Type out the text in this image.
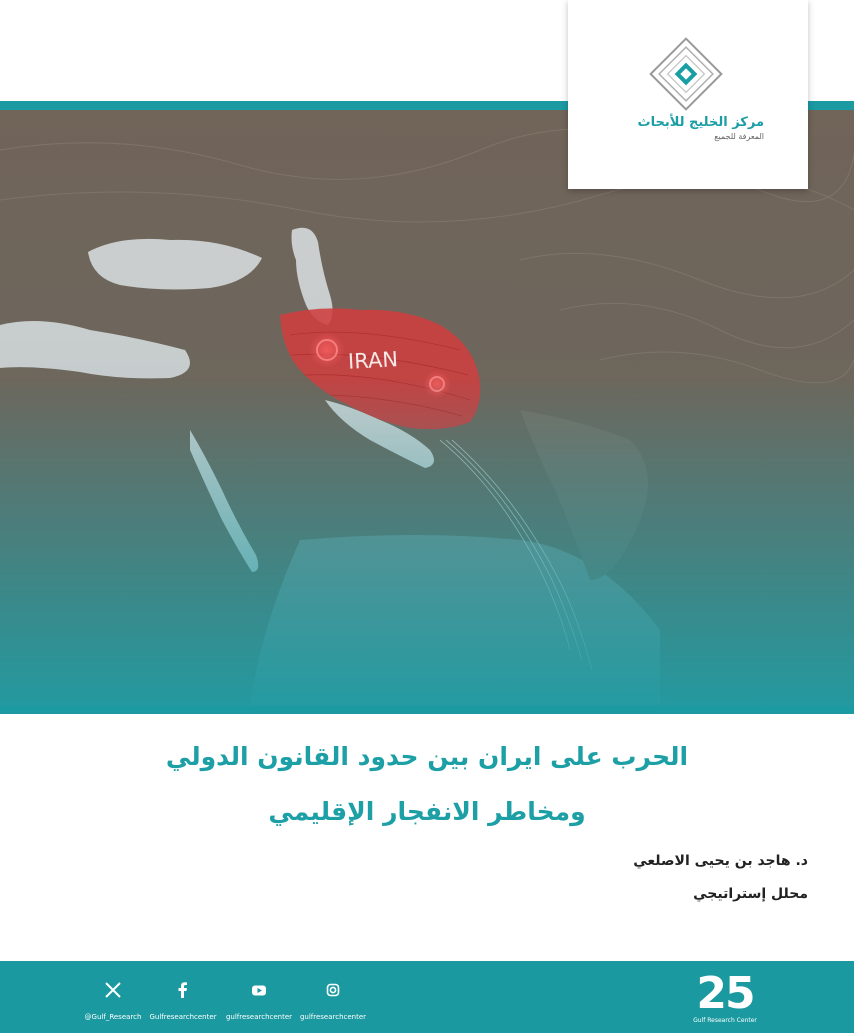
IRAN
مركز الخليج للأبحاث
المعرفة للجميع
الحرب على ايران بين حدود القانون الدولي
ومخاطر الانفجار الإقليمي
د. هاجد بن يحيى الاصلعي
محلل إستراتيجي
@Gulf_Research	Gulfresearchcenter	gulfresearchcenter	gulfresearchcenter	25
Gulf Research Center
